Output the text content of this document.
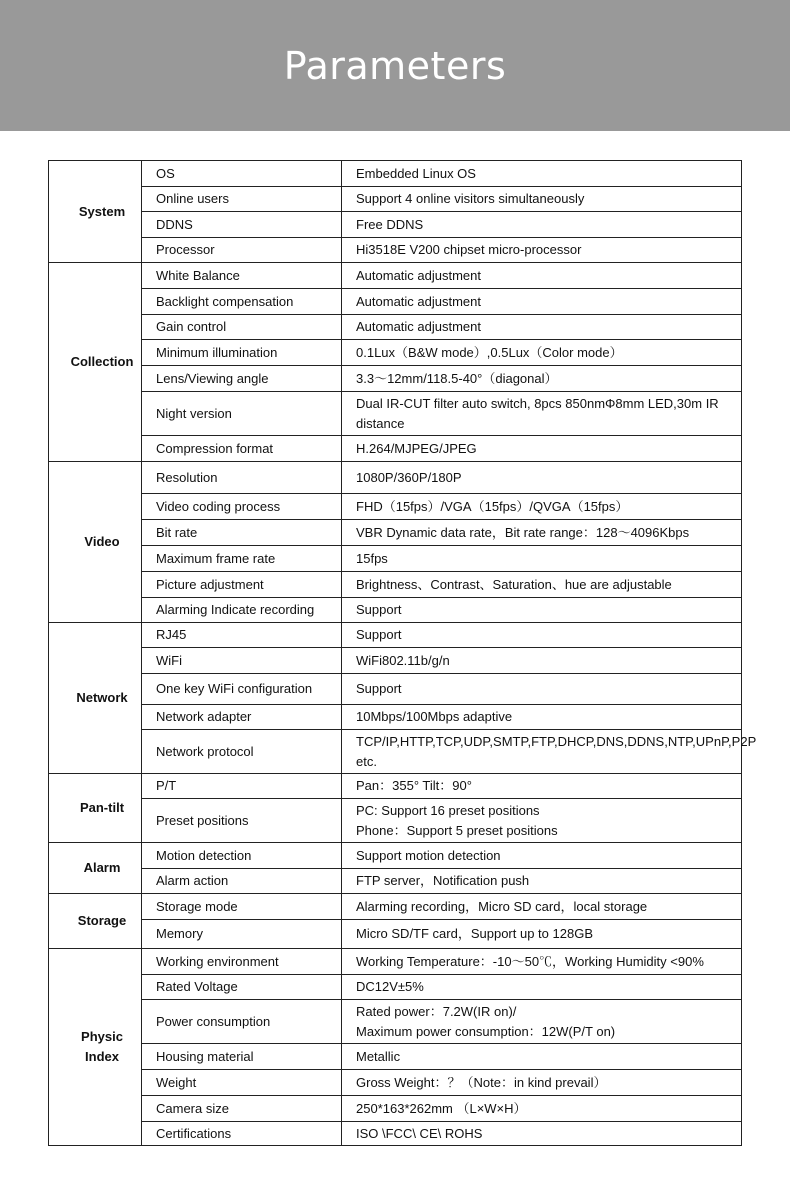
Parameters
System	OS	Embedded Linux OS
	Online users	Support 4 online visitors simultaneously
	DDNS	Free DDNS
	Processor	Hi3518E V200 chipset micro-processor
Collection	White Balance	Automatic adjustment
	Backlight compensation	Automatic adjustment
	Gain control	Automatic adjustment
	Minimum illumination	0.1Lux（B&W mode）,0.5Lux（Color mode）
	Lens/Viewing angle	3.3～12mm/118.5-40°（diagonal）
	Night version	Dual IR-CUT filter auto switch, 8pcs 850nmΦ8mm LED,30m IR distance
	Compression format	H.264/MJPEG/JPEG
Video	Resolution	1080P/360P/180P
	Video coding process	FHD（15fps）/VGA（15fps）/QVGA（15fps）
	Bit rate	VBR Dynamic data rate，Bit rate range：128～4096Kbps
	Maximum frame rate	15fps
	Picture adjustment	Brightness、Contrast、Saturation、hue are adjustable
	Alarming Indicate recording	Support
Network	RJ45	Support
	WiFi	WiFi802.11b/g/n
	One key WiFi configuration	Support
	Network adapter	10Mbps/100Mbps adaptive
	Network protocol	TCP/IP,HTTP,TCP,UDP,SMTP,FTP,DHCP,DNS,DDNS,NTP,UPnP,P2P etc.
Pan-tilt	P/T	Pan：355° Tilt：90°
	Preset positions	PC: Support 16 preset positions
Phone：Support 5 preset positions
Alarm	Motion detection	Support motion detection
	Alarm action	FTP server，Notification push
Storage	Storage mode	Alarming recording，Micro SD card，local storage
	Memory	Micro SD/TF card，Support up to 128GB
Physic Index	Working environment	Working Temperature：-10～50℃，Working Humidity <90%
	Rated Voltage	DC12V±5%
	Power consumption	Rated power：7.2W(IR on)/
Maximum power consumption：12W(P/T on)
	Housing material	Metallic
	Weight	Gross Weight：？（Note：in kind prevail）
	Camera size	250*163*262mm （L×W×H）
	Certifications	ISO \FCC\ CE\ ROHS
